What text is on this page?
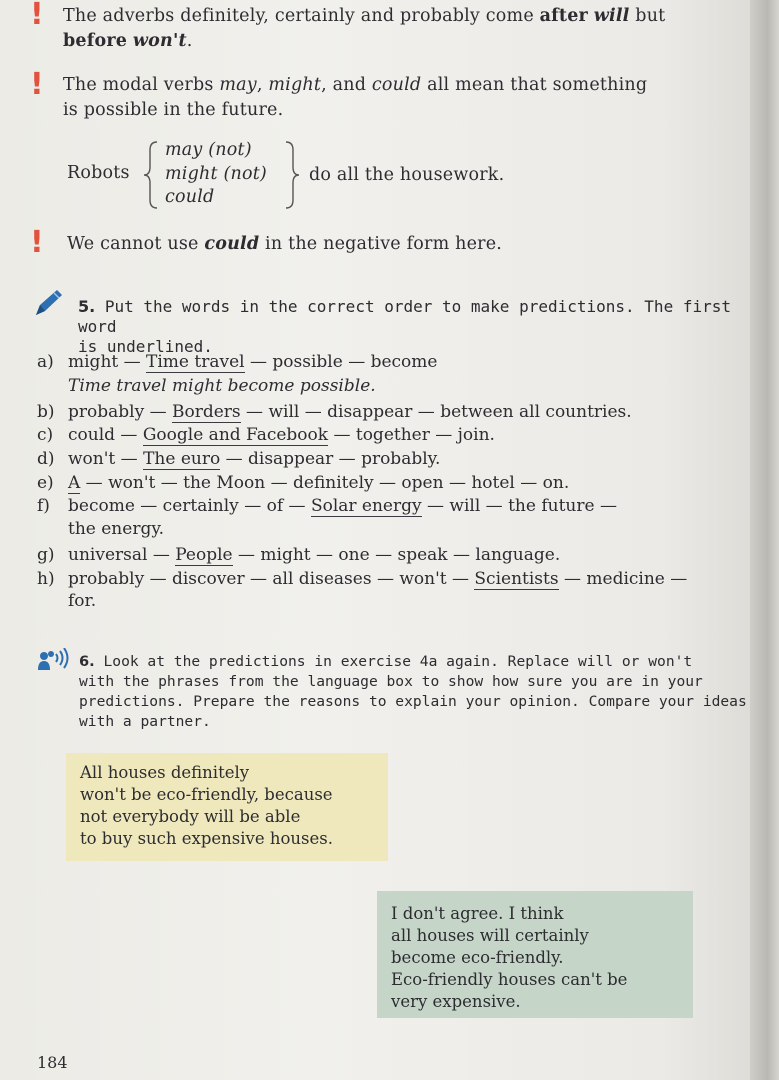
! The adverbs definitely, certainly and probably come after will but
before won't.
! The modal verbs may, might, and could all mean that something
is possible in the future.
Robots
may (not)
might (not)
could
do all the housework.
! We cannot use could in the negative form here.
5. Put the words in the correct order to make predictions. The first word
is underlined.
a) might — Time travel — possible — become
Time travel might become possible.
b) probably — Borders — will — disappear — between all countries.
c) could — Google and Facebook — together — join.
d) won't — The euro — disappear — probably.
e) A — won't — the Moon — definitely — open — hotel — on.
f) become — certainly — of — Solar energy — will — the future —
the energy.
g) universal — People — might — one — speak — language.
h) probably — discover — all diseases — won't — Scientists — medicine —
for.
6. Look at the predictions in exercise 4a again. Replace will or won't
with the phrases from the language box to show how sure you are in your
predictions. Prepare the reasons to explain your opinion. Compare your ideas
with a partner.
All houses definitely
won't be eco-friendly, because
not everybody will be able
to buy such expensive houses.
I don't agree. I think
all houses will certainly
become eco-friendly.
Eco-friendly houses can't be
very expensive.
184
